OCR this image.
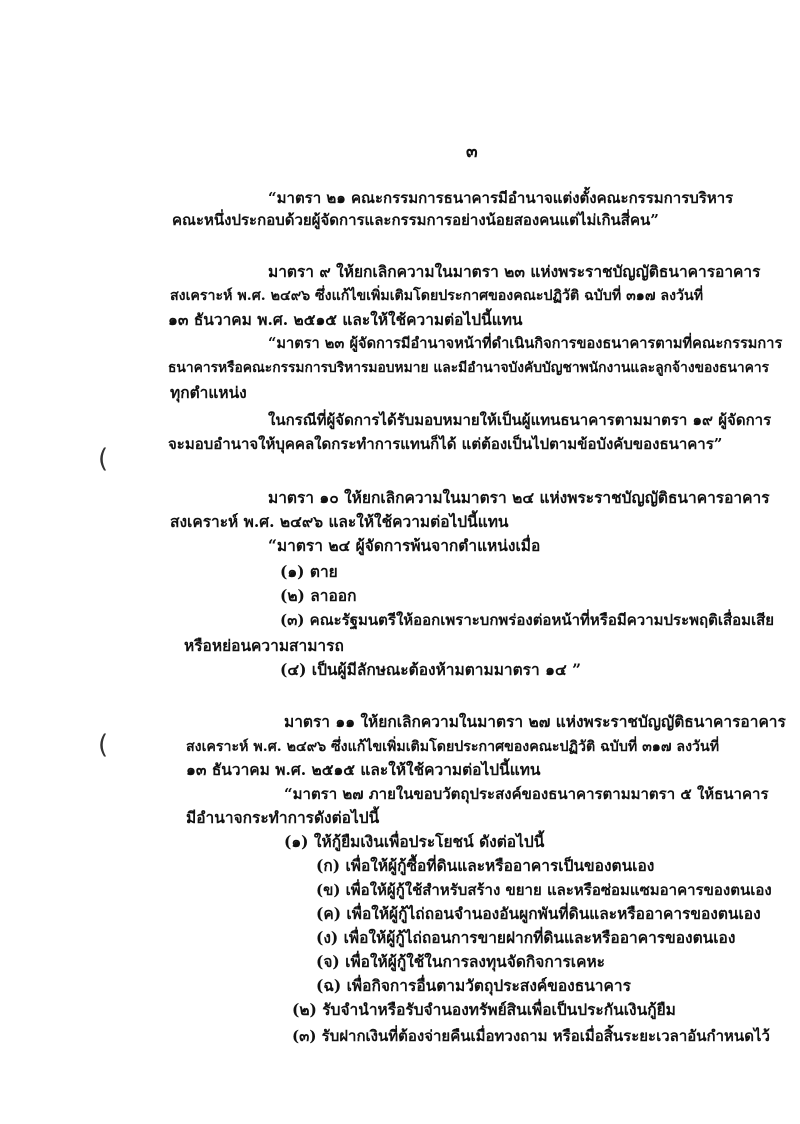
๓
“มาตรา ๒๑ คณะกรรมการธนาคารมีอำนาจแต่งตั้งคณะกรรมการบริหาร
คณะหนึ่งประกอบด้วยผู้จัดการและกรรมการอย่างน้อยสองคนแต่ไม่เกินสี่คน”
มาตรา ๙ ให้ยกเลิกความในมาตรา ๒๓ แห่งพระราชบัญญัติธนาคารอาคาร
สงเคราะห์ พ.ศ. ๒๔๙๖ ซึ่งแก้ไขเพิ่มเติมโดยประกาศของคณะปฏิวัติ ฉบับที่ ๓๑๗ ลงวันที่
๑๓ ธันวาคม พ.ศ. ๒๕๑๕ และให้ใช้ความต่อไปนี้แทน
“มาตรา ๒๓ ผู้จัดการมีอำนาจหน้าที่ดำเนินกิจการของธนาคารตามที่คณะกรรมการ
ธนาคารหรือคณะกรรมการบริหารมอบหมาย และมีอำนาจบังคับบัญชาพนักงานและลูกจ้างของธนาคาร
ทุกตำแหน่ง
ในกรณีที่ผู้จัดการได้รับมอบหมายให้เป็นผู้แทนธนาคารตามมาตรา ๑๙ ผู้จัดการ
จะมอบอำนาจให้บุคคลใดกระทำการแทนก็ได้ แต่ต้องเป็นไปตามข้อบังคับของธนาคาร”
(
มาตรา ๑๐ ให้ยกเลิกความในมาตรา ๒๔ แห่งพระราชบัญญัติธนาคารอาคาร
สงเคราะห์ พ.ศ. ๒๔๙๖ และให้ใช้ความต่อไปนี้แทน
“มาตรา ๒๔ ผู้จัดการพ้นจากตำแหน่งเมื่อ
(๑) ตาย
(๒) ลาออก
(๓) คณะรัฐมนตรีให้ออกเพราะบกพร่องต่อหน้าที่หรือมีความประพฤติเสื่อมเสีย
หรือหย่อนความสามารถ
(๔) เป็นผู้มีลักษณะต้องห้ามตามมาตรา ๑๔ ”
มาตรา ๑๑ ให้ยกเลิกความในมาตรา ๒๗ แห่งพระราชบัญญัติธนาคารอาคาร
สงเคราะห์ พ.ศ. ๒๔๙๖ ซึ่งแก้ไขเพิ่มเติมโดยประกาศของคณะปฏิวัติ ฉบับที่ ๓๑๗ ลงวันที่
(
๑๓ ธันวาคม พ.ศ. ๒๕๑๕ และให้ใช้ความต่อไปนี้แทน
“มาตรา ๒๗ ภายในขอบวัตถุประสงค์ของธนาคารตามมาตรา ๕ ให้ธนาคาร
มีอำนาจกระทำการดังต่อไปนี้
(๑) ให้กู้ยืมเงินเพื่อประโยชน์ ดังต่อไปนี้
(ก) เพื่อให้ผู้กู้ซื้อที่ดินและหรืออาคารเป็นของตนเอง
(ข) เพื่อให้ผู้กู้ใช้สำหรับสร้าง ขยาย และหรือซ่อมแซมอาคารของตนเอง
(ค) เพื่อให้ผู้กู้ไถ่ถอนจำนองอันผูกพันที่ดินและหรืออาคารของตนเอง
(ง) เพื่อให้ผู้กู้ไถ่ถอนการขายฝากที่ดินและหรืออาคารของตนเอง
(จ) เพื่อให้ผู้กู้ใช้ในการลงทุนจัดกิจการเคหะ
(ฉ) เพื่อกิจการอื่นตามวัตถุประสงค์ของธนาคาร
(๒) รับจำนำหรือรับจำนองทรัพย์สินเพื่อเป็นประกันเงินกู้ยืม
(๓) รับฝากเงินที่ต้องจ่ายคืนเมื่อทวงถาม หรือเมื่อสิ้นระยะเวลาอันกำหนดไว้
